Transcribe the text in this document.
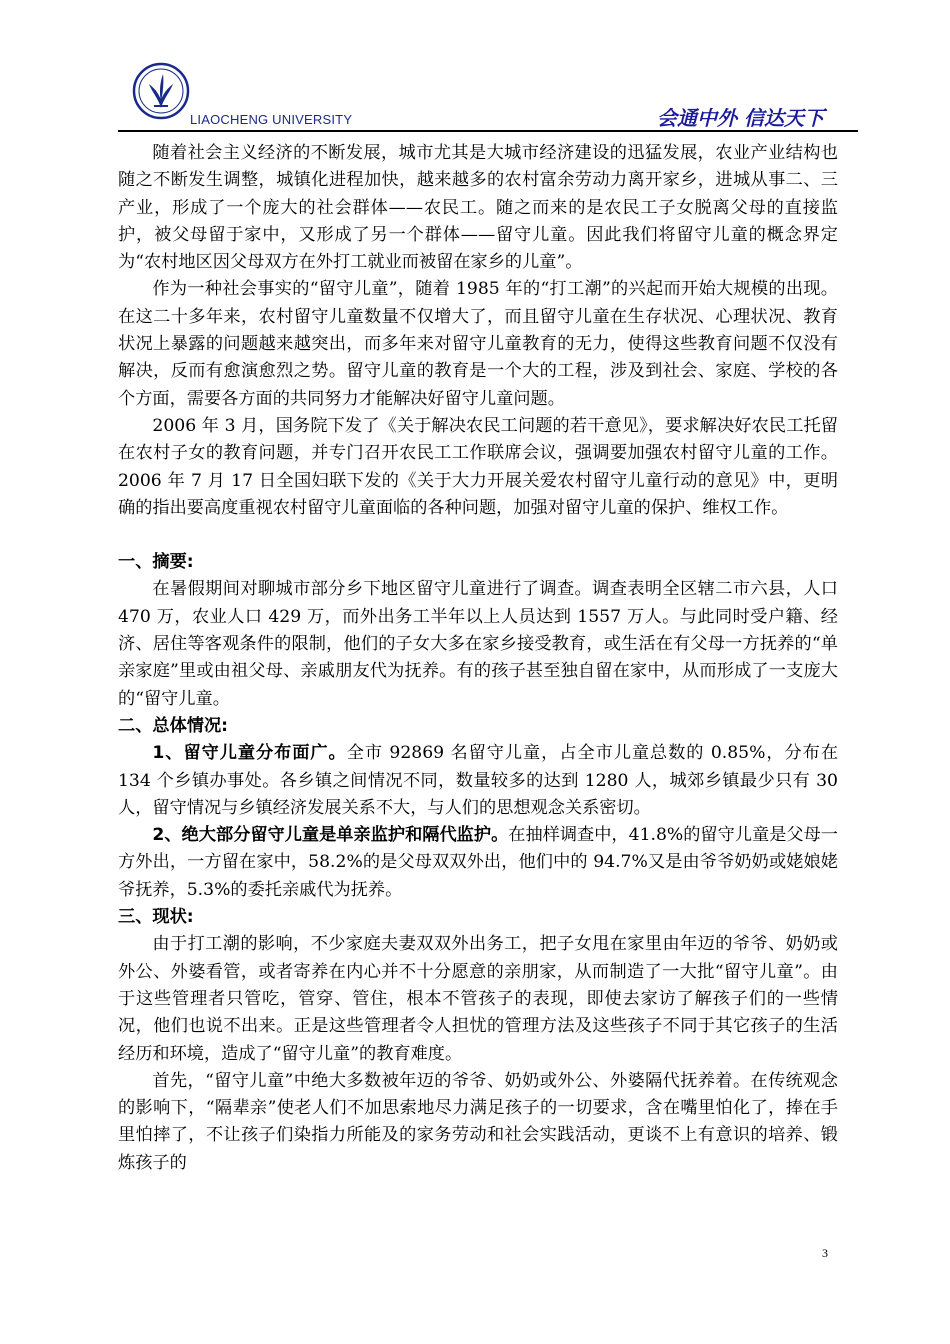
LIAOCHENG UNIVERSITY	会通中外 信达天下

随着社会主义经济的不断发展，城市尤其是大城市经济建设的迅猛发展，农业产业结构也随之不断发生调整，城镇化进程加快，越来越多的农村富余劳动力离开家乡，进城从事二、三产业，形成了一个庞大的社会群体——农民工。随之而来的是农民工子女脱离父母的直接监护，被父母留于家中，又形成了另一个群体——留守儿童。因此我们将留守儿童的概念界定为“农村地区因父母双方在外打工就业而被留在家乡的儿童”。

作为一种社会事实的“留守儿童”，随着 1985 年的“打工潮”的兴起而开始大规模的出现。在这二十多年来，农村留守儿童数量不仅增大了，而且留守儿童在生存状况、心理状况、教育状况上暴露的问题越来越突出，而多年来对留守儿童教育的无力，使得这些教育问题不仅没有解决，反而有愈演愈烈之势。留守儿童的教育是一个大的工程，涉及到社会、家庭、学校的各个方面，需要各方面的共同努力才能解决好留守儿童问题。

2006 年 3 月，国务院下发了《关于解决农民工问题的若干意见》，要求解决好农民工托留在农村子女的教育问题，并专门召开农民工工作联席会议，强调要加强农村留守儿童的工作。2006 年 7 月 17 日全国妇联下发的《关于大力开展关爱农村留守儿童行动的意见》中，更明确的指出要高度重视农村留守儿童面临的各种问题，加强对留守儿童的保护、维权工作。

一、摘要:

在暑假期间对聊城市部分乡下地区留守儿童进行了调查。调查表明全区辖二市六县，人口 470 万，农业人口 429 万，而外出务工半年以上人员达到 1557 万人。与此同时受户籍、经济、居住等客观条件的限制，他们的子女大多在家乡接受教育，或生活在有父母一方抚养的“单亲家庭”里或由祖父母、亲戚朋友代为抚养。有的孩子甚至独自留在家中，从而形成了一支庞大的“留守儿童。

二、总体情况:

1、留守儿童分布面广。全市 92869 名留守儿童，占全市儿童总数的 0.85%，分布在 134 个乡镇办事处。各乡镇之间情况不同，数量较多的达到 1280 人，城郊乡镇最少只有 30 人，留守情况与乡镇经济发展关系不大，与人们的思想观念关系密切。

2、绝大部分留守儿童是单亲监护和隔代监护。在抽样调查中，41.8%的留守儿童是父母一方外出，一方留在家中，58.2%的是父母双双外出，他们中的 94.7%又是由爷爷奶奶或姥娘姥爷抚养，5.3%的委托亲戚代为抚养。

三、现状:

由于打工潮的影响，不少家庭夫妻双双外出务工，把子女甩在家里由年迈的爷爷、奶奶或外公、外婆看管，或者寄养在内心并不十分愿意的亲朋家，从而制造了一大批“留守儿童”。由于这些管理者只管吃，管穿、管住，根本不管孩子的表现，即使去家访了解孩子们的一些情况，他们也说不出来。正是这些管理者令人担忧的管理方法及这些孩子不同于其它孩子的生活经历和环境，造成了“留守儿童”的教育难度。

首先，“留守儿童”中绝大多数被年迈的爷爷、奶奶或外公、外婆隔代抚养着。在传统观念的影响下，“隔辈亲”使老人们不加思索地尽力满足孩子的一切要求，含在嘴里怕化了，捧在手里怕摔了，不让孩子们染指力所能及的家务劳动和社会实践活动，更谈不上有意识的培养、锻炼孩子的

3
